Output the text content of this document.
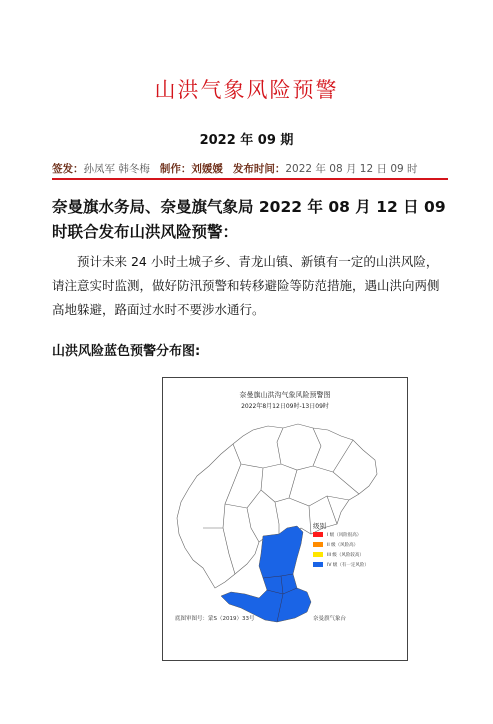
山洪气象风险预警
2022 年 09 期
签发：孙凤军 韩冬梅 制作：刘媛媛 发布时间：2022 年 08 月 12 日 09 时
奈曼旗水务局、奈曼旗气象局 2022 年 08 月 12 日 09 时联合发布山洪风险预警：
预计未来 24 小时土城子乡、青龙山镇、新镇有一定的山洪风险，请注意实时监测，做好防汛预警和转移避险等防范措施，遇山洪向两侧高地躲避，路面过水时不要涉水通行。
山洪风险蓝色预警分布图:
奈曼旗山洪沟气象风险预警图
2022年8月12日09时-13日09时
级别
I 级（风险很高）
II 级（风险高）
III 级（风险较高）
IV 级（有一定风险）
底图审图号：蒙S（2019）33号	奈曼旗气象台
